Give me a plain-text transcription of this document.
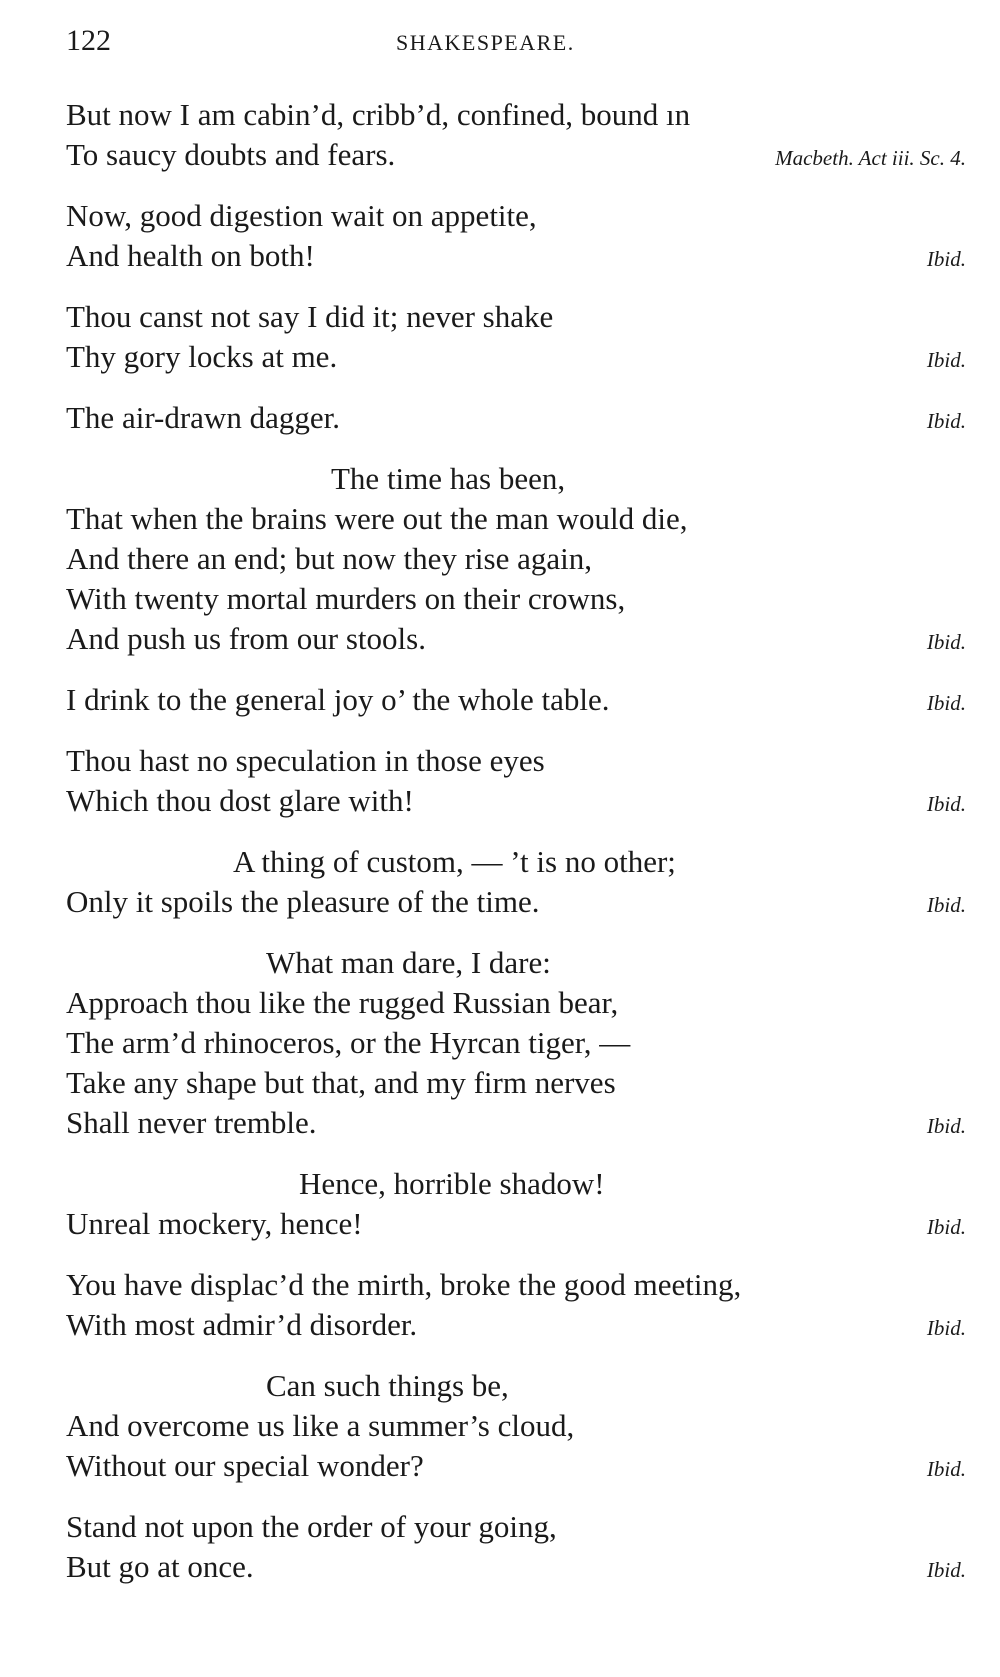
122	SHAKESPEARE.
But now I am cabin’d, cribb’d, confined, bound ın
To saucy doubts and fears.	Macbeth. Act iii. Sc. 4.
Now, good digestion wait on appetite,
And health on both!	Ibid.
Thou canst not say I did it; never shake
Thy gory locks at me.	Ibid.
The air-drawn dagger.	Ibid.
The time has been,
That when the brains were out the man would die,
And there an end; but now they rise again,
With twenty mortal murders on their crowns,
And push us from our stools.	Ibid.
I drink to the general joy o’ the whole table.	Ibid.
Thou hast no speculation in those eyes
Which thou dost glare with!	Ibid.
A thing of custom, — ’t is no other;
Only it spoils the pleasure of the time.	Ibid.
What man dare, I dare:
Approach thou like the rugged Russian bear,
The arm’d rhinoceros, or the Hyrcan tiger, —
Take any shape but that, and my firm nerves
Shall never tremble.	Ibid.
Hence, horrible shadow!
Unreal mockery, hence!	Ibid.
You have displac’d the mirth, broke the good meeting,
With most admir’d disorder.	Ibid.
Can such things be,
And overcome us like a summer’s cloud,
Without our special wonder?	Ibid.
Stand not upon the order of your going,
But go at once.	Ibid.
